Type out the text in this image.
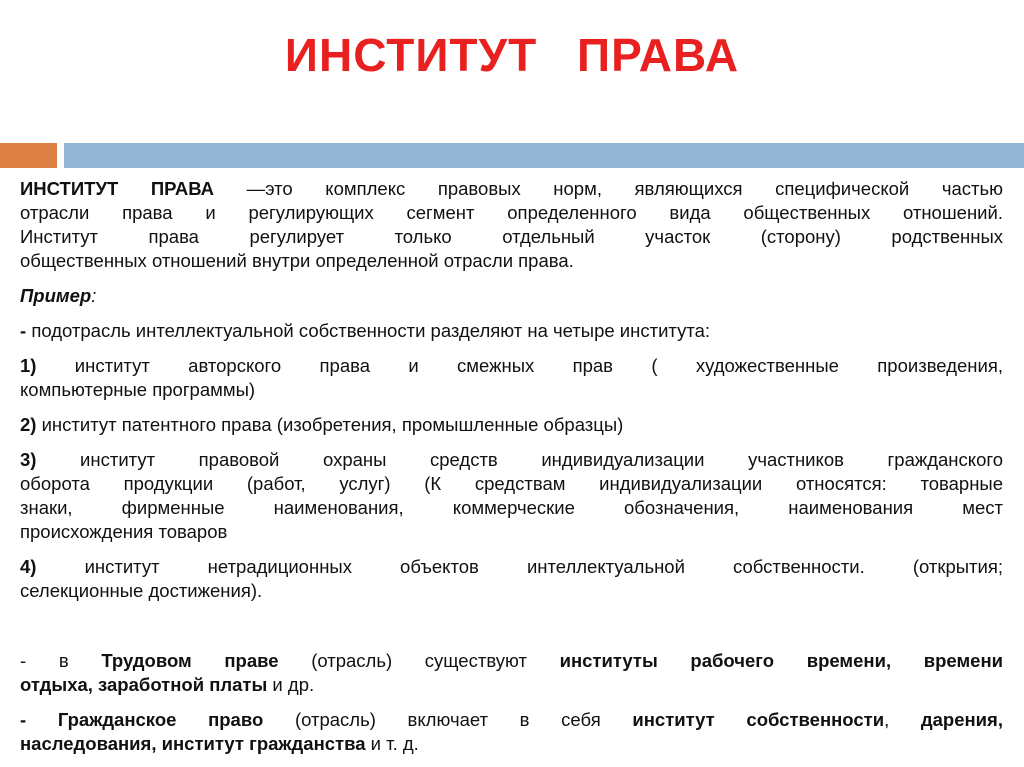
ИНСТИТУТ ПРАВА
ИНСТИТУТ ПРАВА —это комплекс правовых норм, являющихся специфической частью
отрасли права и регулирующих сегмент определенного вида общественных отношений.
Институт права регулирует только отдельный участок (сторону) родственных
общественных отношений внутри определенной отрасли права.
Пример:
- подотрасль интеллектуальной собственности разделяют на четыре института:
1) институт авторского права и смежных прав ( художественные произведения,
компьютерные программы)
2) институт патентного права (изобретения, промышленные образцы)
3) институт правовой охраны средств индивидуализации участников гражданского
оборота продукции (работ, услуг) (К средствам индивидуализации относятся: товарные
знаки, фирменные наименования, коммерческие обозначения, наименования мест
происхождения товаров
4) институт нетрадиционных объектов интеллектуальной собственности. (открытия;
селекционные достижения).
- в Трудовом праве (отрасль) существуют институты рабочего времени, времени
отдыха, заработной платы и др.
- Гражданское право (отрасль) включает в себя институт собственности, дарения,
наследования, институт гражданства и т. д.
